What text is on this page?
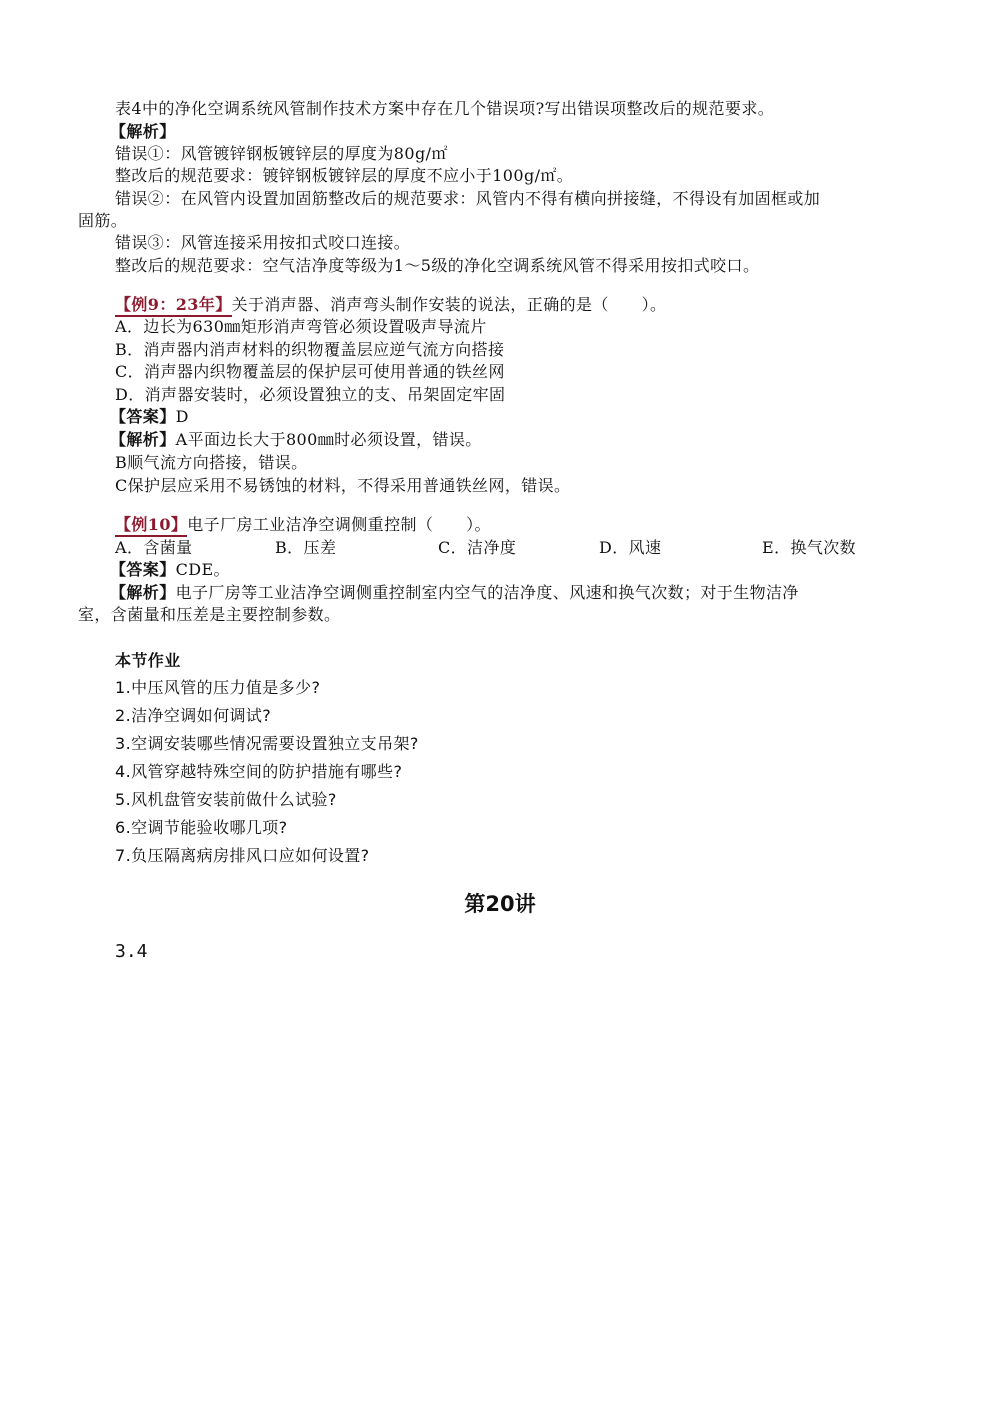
表4中的净化空调系统风管制作技术方案中存在几个错误项?写出错误项整改后的规范要求。
【解析】
错误①：风管镀锌钢板镀锌层的厚度为80g/㎡
整改后的规范要求：镀锌钢板镀锌层的厚度不应小于100g/㎡。
错误②：在风管内设置加固筋整改后的规范要求：风管内不得有横向拼接缝，不得设有加固框或加
固筋。
错误③：风管连接采用按扣式咬口连接。
整改后的规范要求：空气洁净度等级为1～5级的净化空调系统风管不得采用按扣式咬口。
【例9：23年】关于消声器、消声弯头制作安装的说法，正确的是（　　）。
A．边长为630㎜矩形消声弯管必须设置吸声导流片
B．消声器内消声材料的织物覆盖层应逆气流方向搭接
C．消声器内织物覆盖层的保护层可使用普通的铁丝网
D．消声器安装时，必须设置独立的支、吊架固定牢固
【答案】D
【解析】A平面边长大于800㎜时必须设置，错误。
B顺气流方向搭接，错误。
C保护层应采用不易锈蚀的材料，不得采用普通铁丝网，错误。
【例10】电子厂房工业洁净空调侧重控制（　　）。
A．含菌量	B．压差	C．洁净度	D．风速	E．换气次数
【答案】CDE。
【解析】电子厂房等工业洁净空调侧重控制室内空气的洁净度、风速和换气次数；对于生物洁净
室，含菌量和压差是主要控制参数。
本节作业
1.中压风管的压力值是多少?
2.洁净空调如何调试?
3.空调安装哪些情况需要设置独立支吊架?
4.风管穿越特殊空间的防护措施有哪些?
5.风机盘管安装前做什么试验?
6.空调节能验收哪几项?
7.负压隔离病房排风口应如何设置?
第20讲
3.4
